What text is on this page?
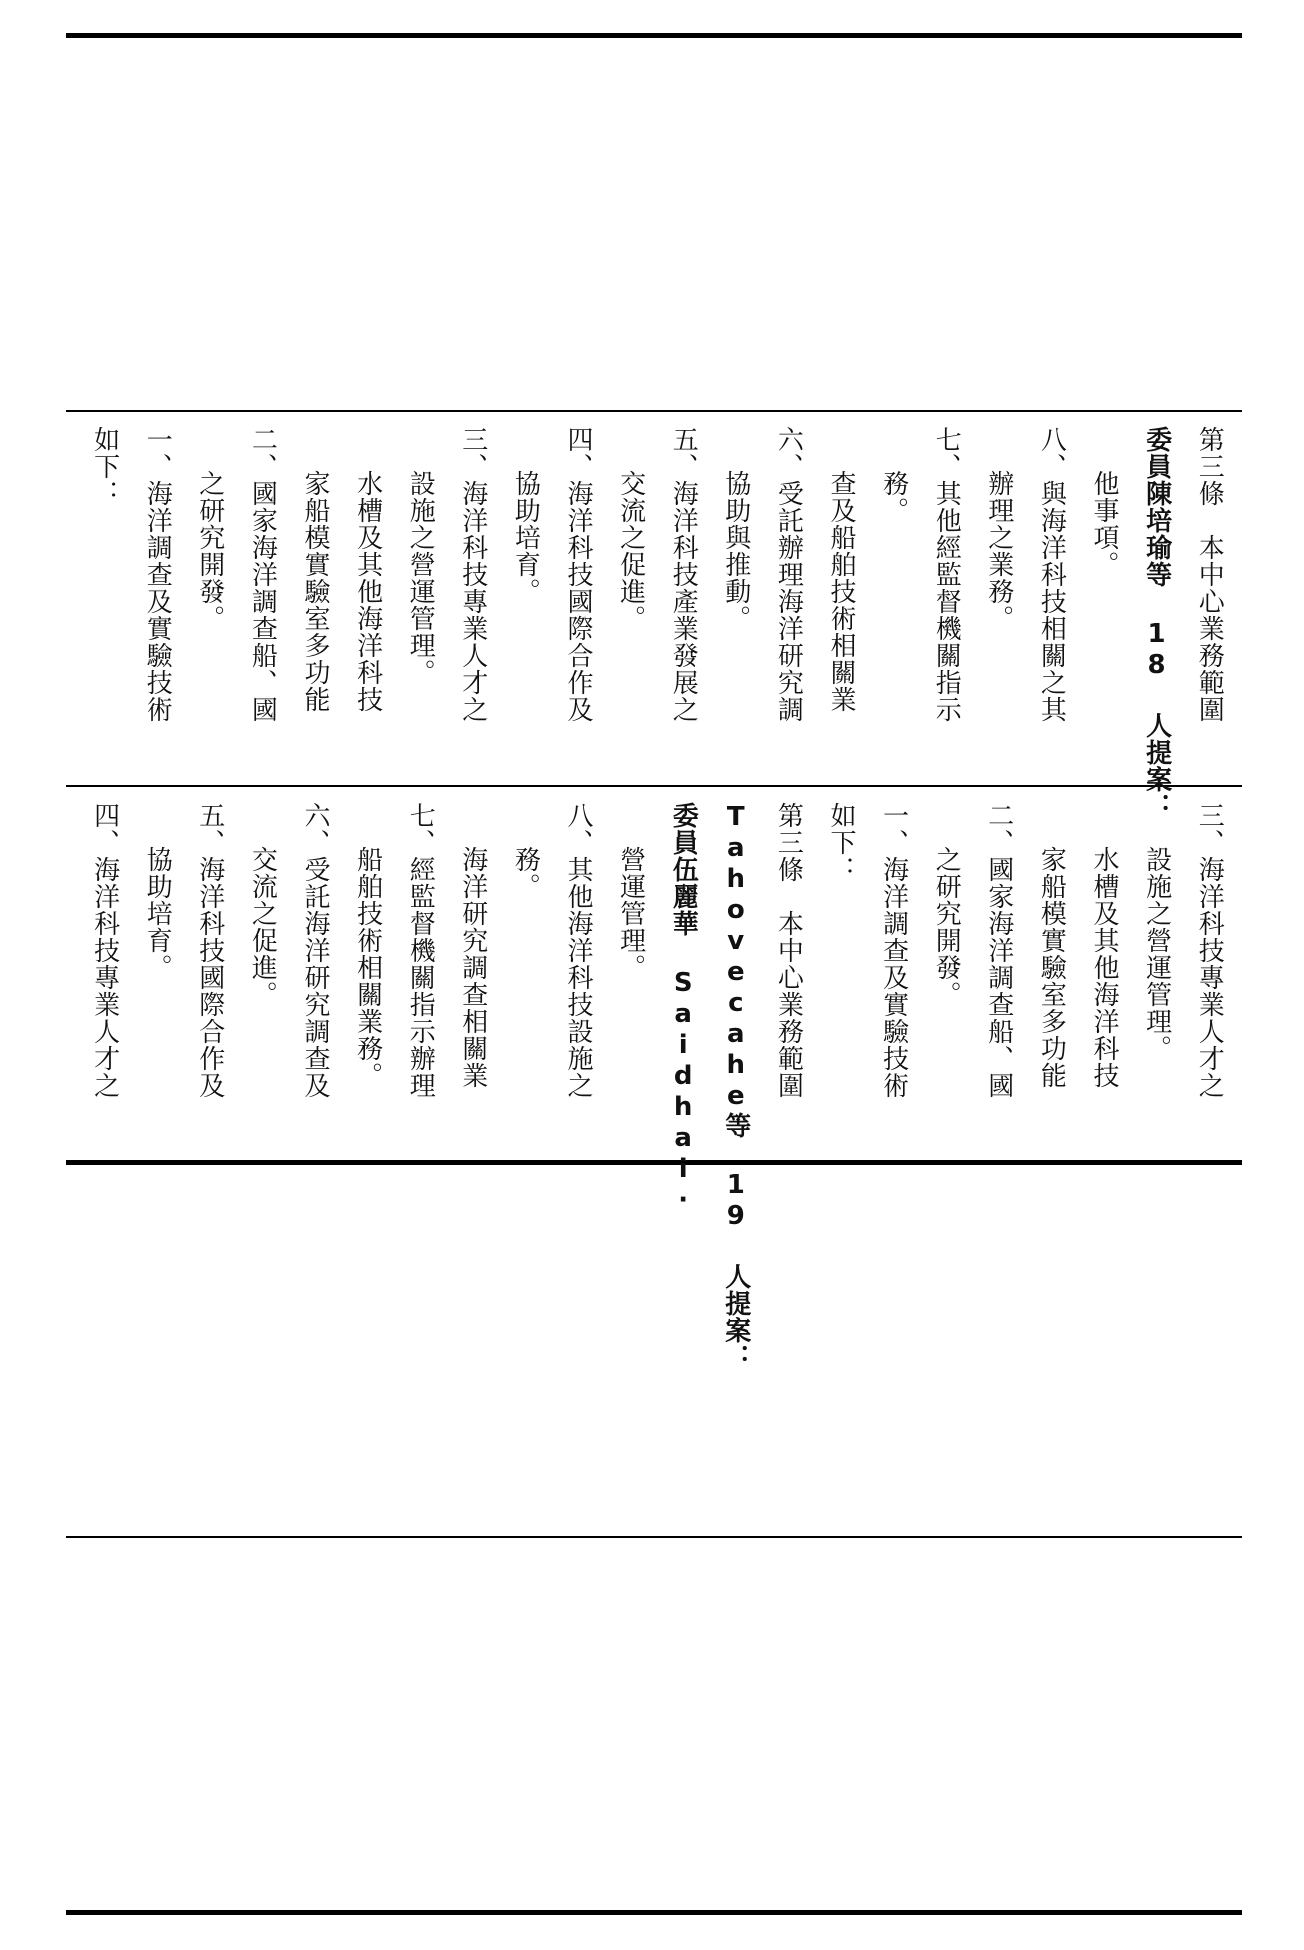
四、海洋科技專業人才之 協助培育。 五、海洋科技國際合作及 交流之促進。 六、受託海洋研究調查及 船舶技術相關業務。 七、經監督機關指示辦理 海洋研究調查相關業 務。 八、其他海洋科技設施之 營運管理。 委員伍麗華 Saidhai‧ Tahovecahe等 19 人提案： 第三條　本中心業務範圍 如下： 一、海洋調查及實驗技術 之研究開發。 二、國家海洋調查船、國 家船模實驗室多功能 水槽及其他海洋科技 設施之營運管理。 三、海洋科技專業人才之
如下： 一、海洋調查及實驗技術 之研究開發。 二、國家海洋調查船、國 家船模實驗室多功能 水槽及其他海洋科技 設施之營運管理。 三、海洋科技專業人才之 協助培育。 四、海洋科技國際合作及 交流之促進。 五、海洋科技產業發展之 協助與推動。 六、受託辦理海洋研究調 查及船舶技術相關業 務。 七、其他經監督機關指示 辦理之業務。 八、與海洋科技相關之其 他事項。 委員陳培瑜等 18 人提案： 第三條　本中心業務範圍
